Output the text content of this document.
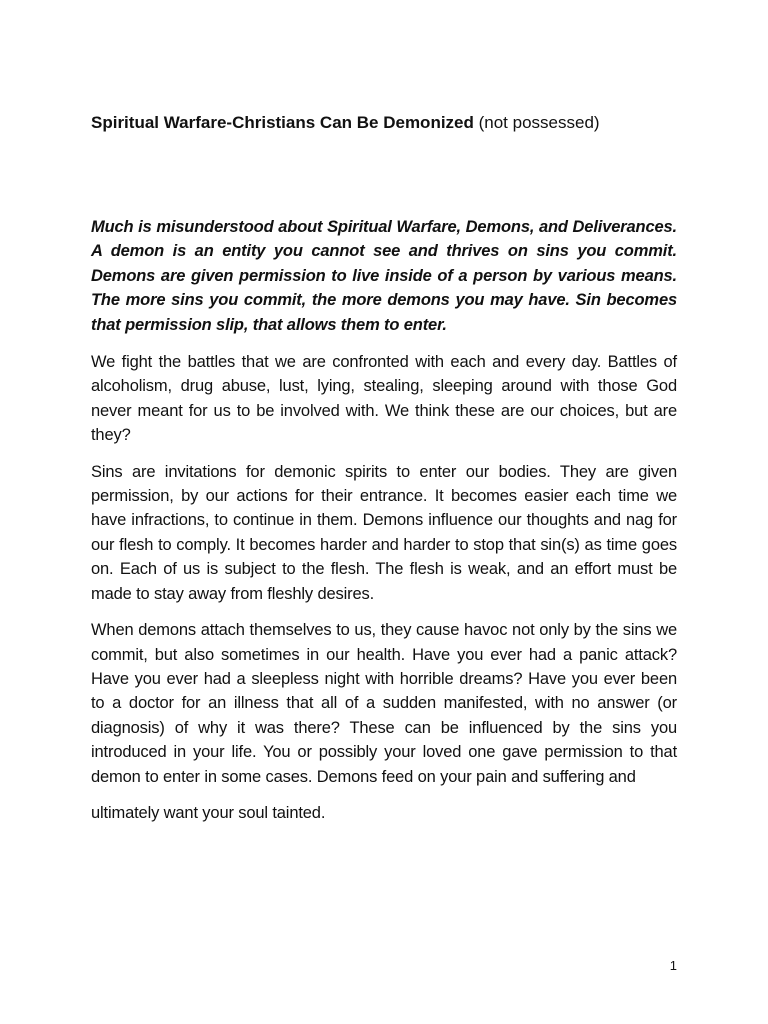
Spiritual Warfare-Christians Can Be Demonized (not possessed)

Much is misunderstood about Spiritual Warfare, Demons, and Deliverances. A demon is an entity you cannot see and thrives on sins you commit. Demons are given permission to live inside of a person by various means. The more sins you commit, the more demons you may have. Sin becomes that permission slip, that allows them to enter.

We fight the battles that we are confronted with each and every day. Battles of alcoholism, drug abuse, lust, lying, stealing, sleeping around with those God never meant for us to be involved with. We think these are our choices, but are they?

Sins are invitations for demonic spirits to enter our bodies. They are given permission, by our actions for their entrance. It becomes easier each time we have infractions, to continue in them. Demons influence our thoughts and nag for our flesh to comply. It becomes harder and harder to stop that sin(s) as time goes on. Each of us is subject to the flesh. The flesh is weak, and an effort must be made to stay away from fleshly desires.

When demons attach themselves to us, they cause havoc not only by the sins we commit, but also sometimes in our health. Have you ever had a panic attack? Have you ever had a sleepless night with horrible dreams? Have you ever been to a doctor for an illness that all of a sudden manifested, with no answer (or diagnosis) of why it was there? These can be influenced by the sins you introduced in your life. You or possibly your loved one gave permission to that demon to enter in some cases. Demons feed on your pain and suffering and

ultimately want your soul tainted.

1
